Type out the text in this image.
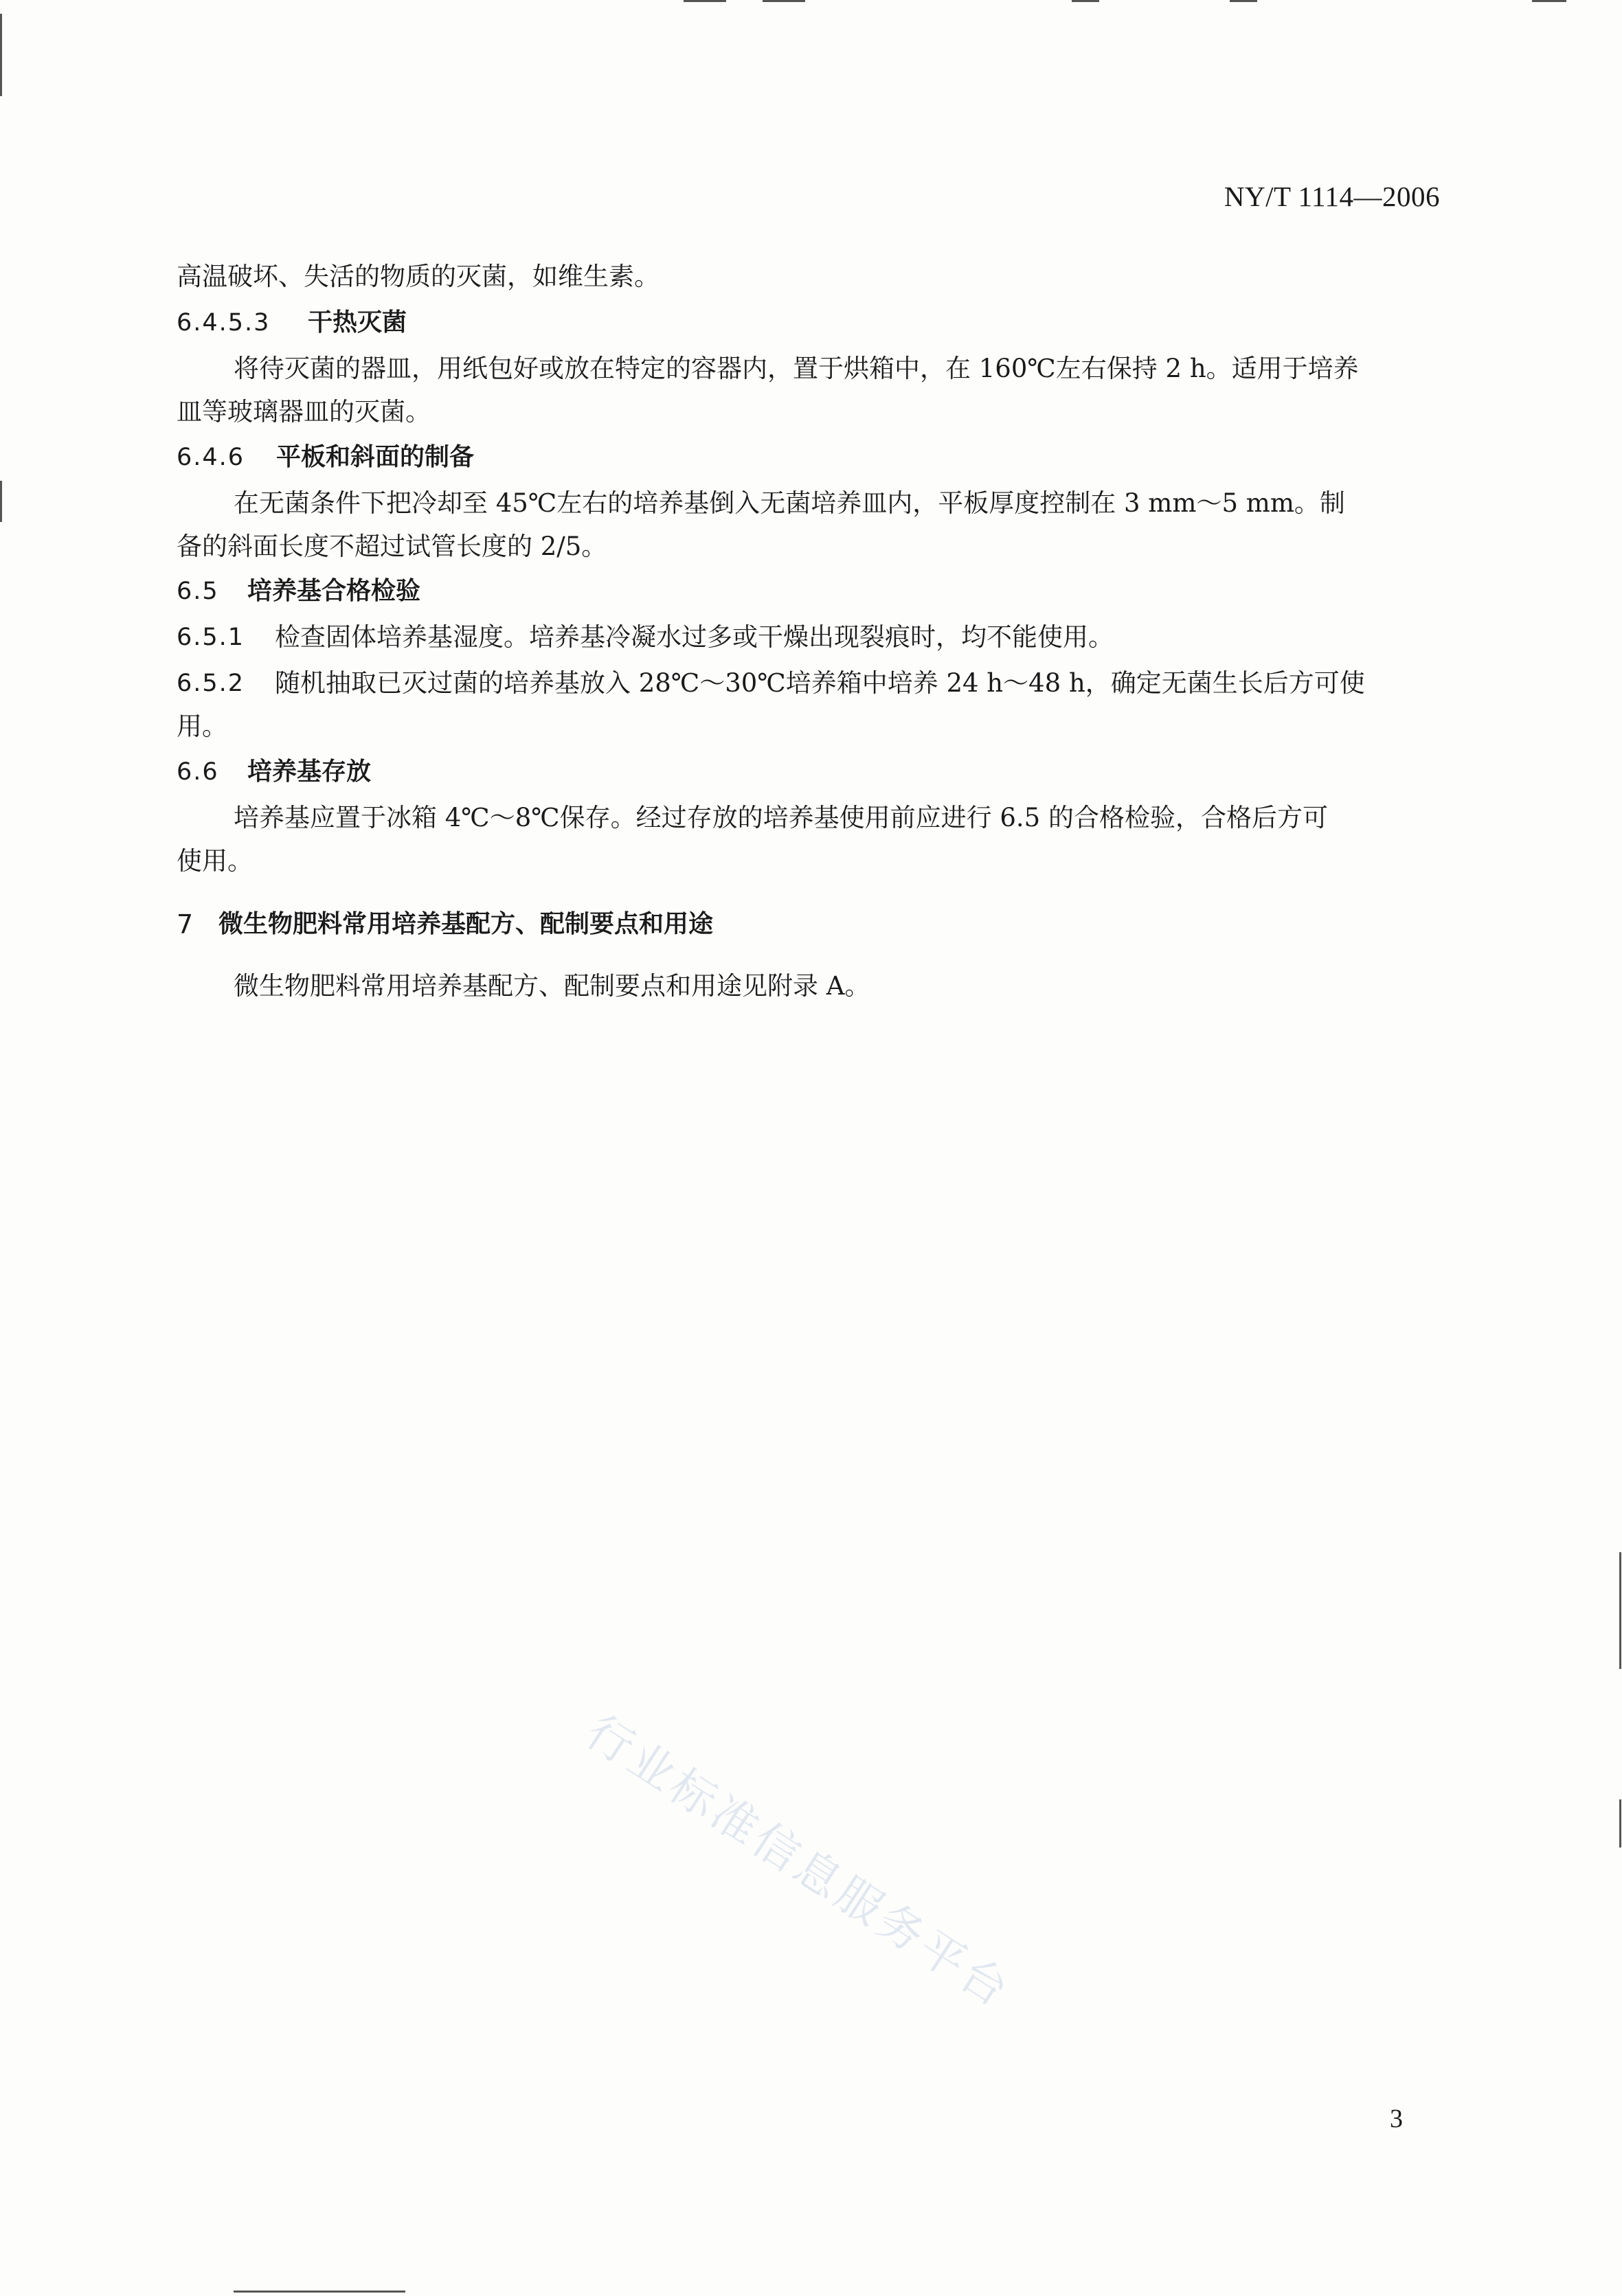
NY/T 1114—2006
高温破坏、失活的物质的灭菌，如维生素。
6.4.5.3 干热灭菌
将待灭菌的器皿，用纸包好或放在特定的容器内，置于烘箱中，在 160℃左右保持 2 h。适用于培养
皿等玻璃器皿的灭菌。
6.4.6 平板和斜面的制备
在无菌条件下把冷却至 45℃左右的培养基倒入无菌培养皿内，平板厚度控制在 3 mm～5 mm。制
备的斜面长度不超过试管长度的 2/5。
6.5 培养基合格检验
6.5.1 检查固体培养基湿度。培养基冷凝水过多或干燥出现裂痕时，均不能使用。
6.5.2 随机抽取已灭过菌的培养基放入 28℃～30℃培养箱中培养 24 h～48 h，确定无菌生长后方可使
用。
6.6 培养基存放
培养基应置于冰箱 4℃～8℃保存。经过存放的培养基使用前应进行 6.5 的合格检验，合格后方可
使用。
7 微生物肥料常用培养基配方、配制要点和用途
微生物肥料常用培养基配方、配制要点和用途见附录 A。
行业标准信息服务平台
3
